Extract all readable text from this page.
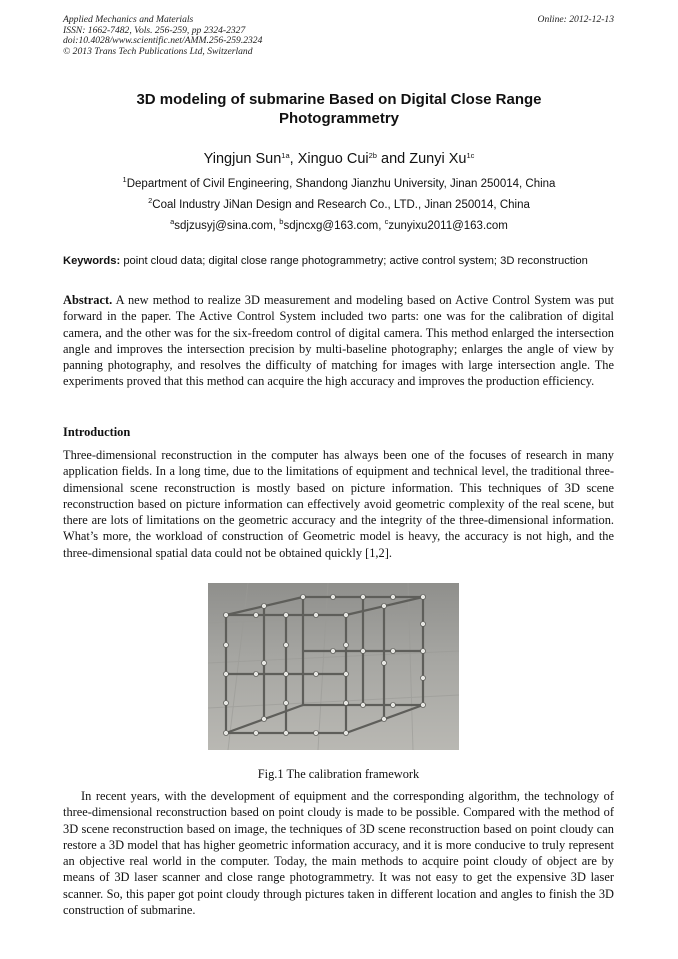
Applied Mechanics and Materials
ISSN: 1662-7482, Vols. 256-259, pp 2324-2327
doi:10.4028/www.scientific.net/AMM.256-259.2324
© 2013 Trans Tech Publications Ltd, Switzerland
Online: 2012-12-13
3D modeling of submarine Based on Digital Close Range
Photogrammetry
Yingjun Sun$^{1a}$, Xinguo Cui$^{2b}$ and Zunyi $Xu^{1c}$
$^1$Department of Civil Engineering, Shandong Jianzhu University, Jinan 250014, China
$^2$Coal Industry JiNan Design and Research Co., LTD., Jinan 250014, China
$^a$sdjzusyj@sina.com, $^b$sdjncxg@163.com, $^c$zunyixu2011@163.com
Keywords: point cloud data; digital close range photogrammetry; active control system; 3D reconstruction
Abstract. A new method to realize 3D measurement and modeling based on Active Control System was put forward in the paper. The Active Control System included two parts: one was for the calibration of digital camera, and the other was for the six-freedom control of digital camera. This method enlarged the intersection angle and improves the intersection precision by multi-baseline photography; enlarges the angle of view by panning photography, and resolves the difficulty of matching for images with large intersection angle. The experiments proved that this method can acquire the high accuracy and improves the production efficiency.
Introduction
Three-dimensional reconstruction in the computer has always been one of the focuses of research in many application fields. In a long time, due to the limitations of equipment and technical level, the traditional three-dimensional scene reconstruction is mostly based on picture information. This techniques of 3D scene reconstruction based on picture information can effectively avoid geometric complexity of the real scene, but there are lots of limitations on the geometric accuracy and the integrity of the three-dimensional information. What’s more, the workload of construction of Geometric model is heavy, the accuracy is not high, and the three-dimensional spatial data could not be obtained quickly [1,2].
Fig.1 The calibration framework
In recent years, with the development of equipment and the corresponding algorithm, the technology of three-dimensional reconstruction based on point cloudy is made to be possible. Compared with the method of 3D scene reconstruction based on image, the techniques of 3D scene reconstruction based on point cloudy can restore a 3D model that has higher geometric information accuracy, and it is more conducive to truly represent an objective real world in the computer. Today, the main methods to acquire point cloudy of object are by means of 3D laser scanner and close range photogrammetry. It was not easy to get the expensive 3D laser scanner. So, this paper got point cloudy through pictures taken in different location and angles to finish the 3D construction of submarine.
